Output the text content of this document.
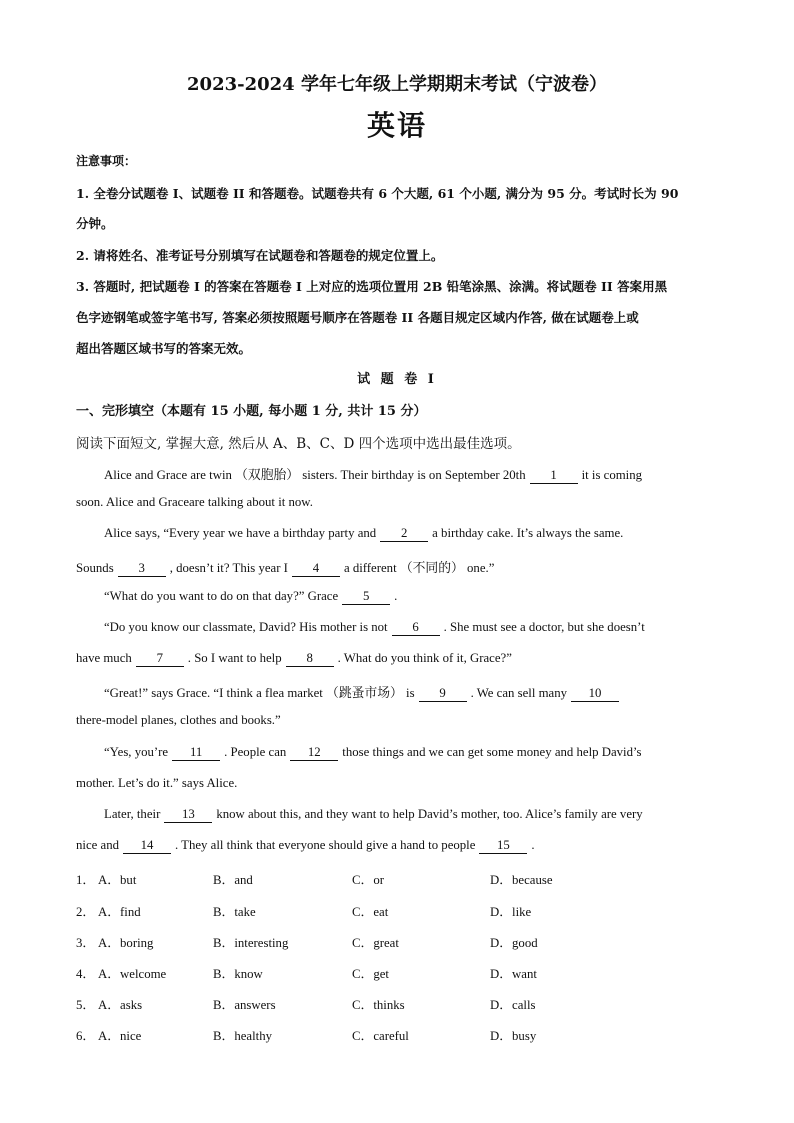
2023-2024 学年七年级上学期期末考试（宁波卷）
英语
注意事项：
1. 全卷分试题卷 I、试题卷 II 和答题卷。试题卷共有 6 个大题, 61 个小题, 满分为 95 分。考试时长为 90
分钟。
2. 请将姓名、准考证号分别填写在试题卷和答题卷的规定位置上。
3. 答题时, 把试题卷 I 的答案在答题卷 I 上对应的选项位置用 2B 铅笔涂黑、涂满。将试题卷 II 答案用黑
色字迹钢笔或签字笔书写, 答案必须按照题号顺序在答题卷 II 各题目规定区域内作答, 做在试题卷上或
超出答题区域书写的答案无效。
试 题 卷 I
一、完形填空（本题有 15 小题, 每小题 1 分, 共计 15 分）
阅读下面短文, 掌握大意, 然后从 A、B、C、D 四个选项中选出最佳选项。
Alice and Grace are twin （双胞胎） sisters. Their birthday is on September 20th 1 it is coming
soon. Alice and Graceare talking about it now.
Alice says, “Every year we have a birthday party and 2 a birthday cake. It’s always the same.
Sounds 3 , doesn’t it? This year I 4 a different （不同的） one.”
“What do you want to do on that day?” Grace 5 .
“Do you know our classmate, David? His mother is not 6 . She must see a doctor, but she doesn’t
have much 7 . So I want to help 8 . What do you think of it, Grace?”
“Great!” says Grace. “I think a flea market （跳蚤市场） is 9 . We can sell many 10
there-model planes, clothes and books.”
“Yes, you’re 11 . People can 12 those things and we can get some money and help David’s
mother. Let’s do it.” says Alice.
Later, their 13 know about this, and they want to help David’s mother, too. Alice’s family are very
nice and 14 . They all think that everyone should give a hand to people 15 .
1． A．but	B．and	C．or	D．because
2． A．find	B．take	C．eat	D．like
3． A．boring	B．interesting	C．great	D．good
4． A．welcome	B．know	C．get	D．want
5． A．asks	B．answers	C．thinks	D．calls
6． A．nice	B．healthy	C．careful	D．busy
